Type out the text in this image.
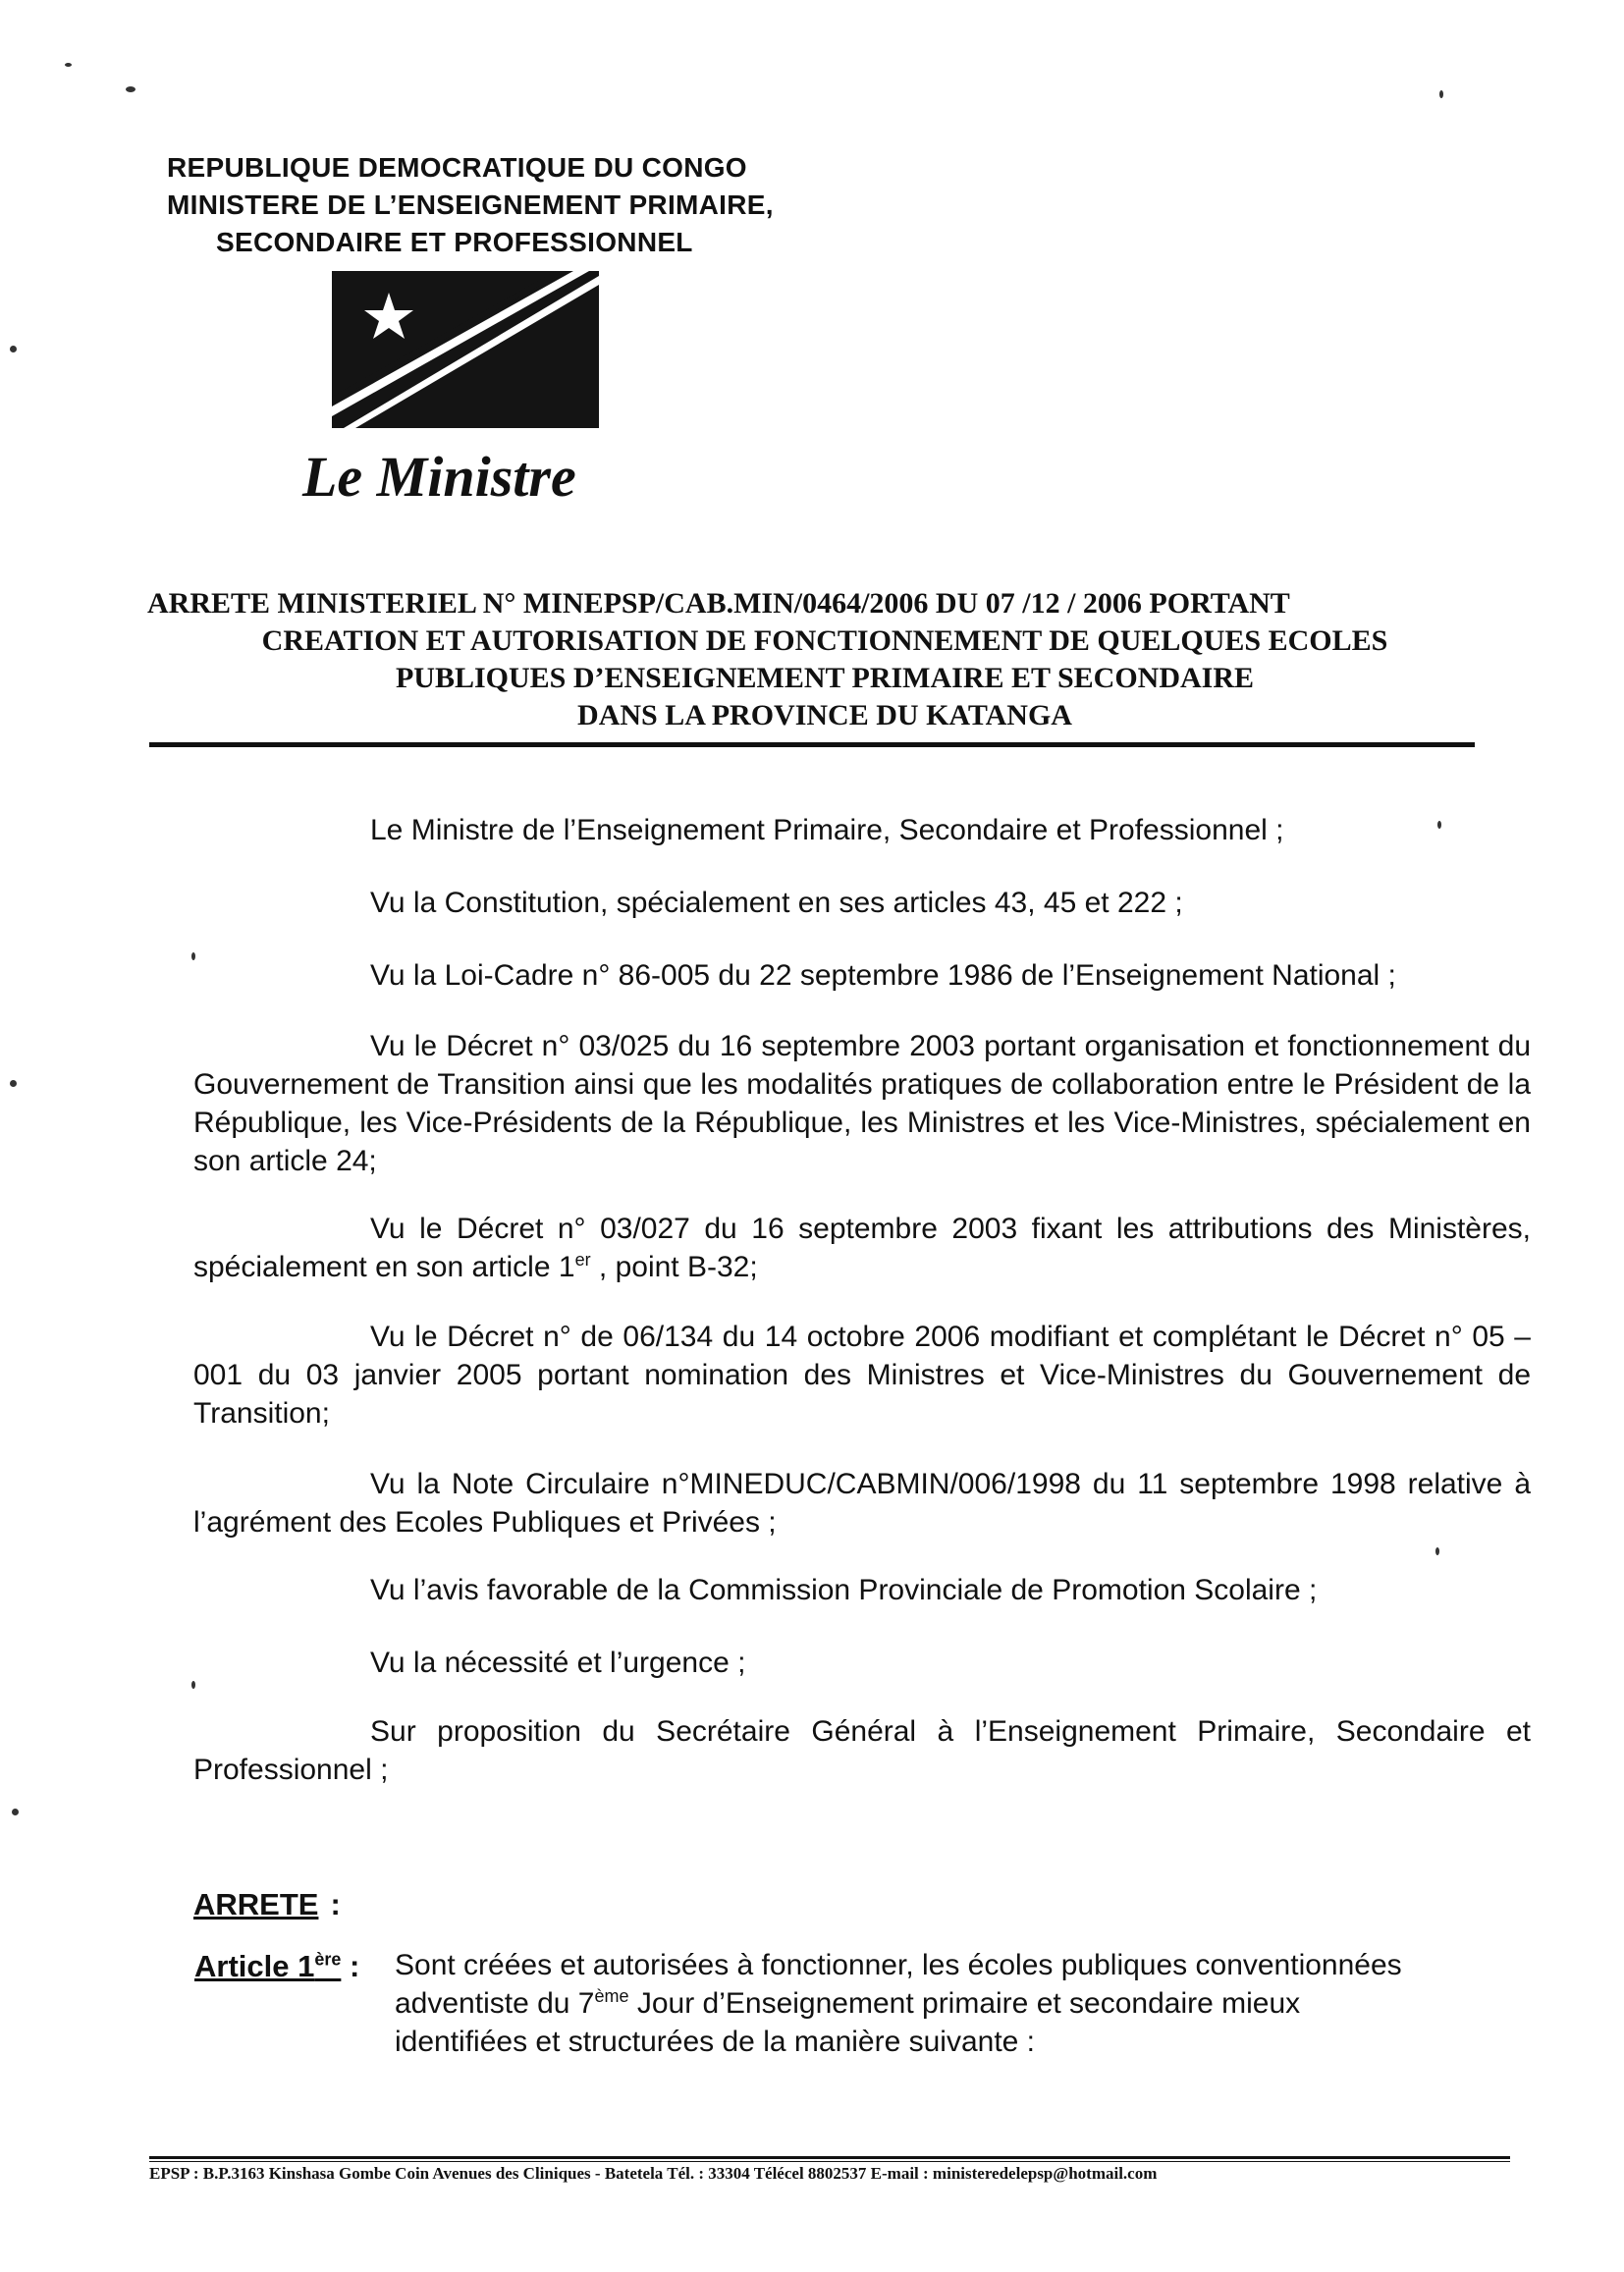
REPUBLIQUE DEMOCRATIQUE DU CONGO
MINISTERE DE L’ENSEIGNEMENT PRIMAIRE,
SECONDAIRE ET PROFESSIONNEL
Le Ministre
ARRETE MINISTERIEL N° MINEPSP/CAB.MIN/0464/2006 DU 07 /12 / 2006 PORTANT
CREATION ET AUTORISATION DE FONCTIONNEMENT DE QUELQUES ECOLES
PUBLIQUES D’ENSEIGNEMENT PRIMAIRE ET SECONDAIRE
DANS LA PROVINCE DU KATANGA
Le Ministre de l’Enseignement Primaire, Secondaire et Professionnel ;
Vu la Constitution, spécialement en ses articles 43, 45 et 222 ;
Vu la Loi-Cadre n° 86-005 du 22 septembre 1986 de l’Enseignement National ;
Vu le Décret n° 03/025 du 16 septembre 2003 portant organisation et fonctionnement du Gouvernement de Transition ainsi que les modalités pratiques de collaboration entre le Président de la République, les Vice-Présidents de la République, les Ministres et les Vice-Ministres, spécialement en son article 24;
Vu le Décret n° 03/027 du 16 septembre 2003 fixant les attributions des Ministères, spécialement en son article 1er , point B-32;
Vu le Décret n° de 06/134 du 14 octobre 2006 modifiant et complétant le Décret n° 05 – 001 du 03 janvier 2005 portant nomination des Ministres et Vice-Ministres du Gouvernement de Transition;
Vu la Note Circulaire n°MINEDUC/CABMIN/006/1998 du 11 septembre 1998 relative à l’agrément des Ecoles Publiques et Privées ;
Vu l’avis favorable de la Commission Provinciale de Promotion Scolaire ;
Vu la nécessité et l’urgence ;
Sur proposition du Secrétaire Général à l’Enseignement Primaire, Secondaire et Professionnel ;
ARRETE :
Article 1ère : Sont créées et autorisées à fonctionner, les écoles publiques conventionnées adventiste du 7ème Jour d’Enseignement primaire et secondaire mieux identifiées et structurées de la manière suivante :
EPSP : B.P.3163 Kinshasa Gombe Coin Avenues des Cliniques - Batetela Tél. : 33304 Télécel 8802537 E-mail : ministeredelepsp@hotmail.com
